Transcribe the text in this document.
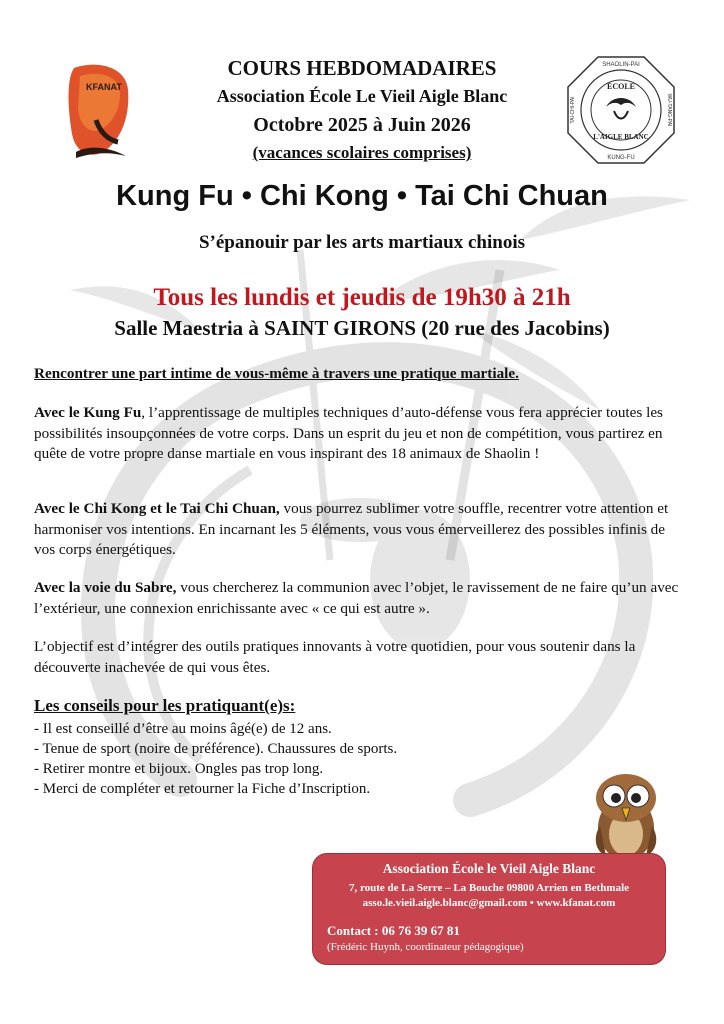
KFANAT
SHAOLIN-PAI
KUNG-FU
TAI-CHI-PAI	WU-TANG-PAI
ÉCOLE
L'AIGLE BLANC

COURS HEBDOMADAIRES

Association École Le Vieil Aigle Blanc

Octobre 2025 à Juin 2026

(vacances scolaires comprises)

Kung Fu • Chi Kong • Tai Chi Chuan

S’épanouir par les arts martiaux chinois

Tous les lundis et jeudis de 19h30 à 21h

Salle Maestria à SAINT GIRONS (20 rue des Jacobins)

Rencontrer une part intime de vous-même à travers une pratique martiale.

Avec le Kung Fu, l’apprentissage de multiples techniques d’auto-défense vous fera apprécier toutes les possibilités insoupçonnées de votre corps. Dans un esprit du jeu et non de compétition, vous partirez en quête de votre propre danse martiale en vous inspirant des 18 animaux de Shaolin !

Avec le Chi Kong et le Tai Chi Chuan, vous pourrez sublimer votre souffle, recentrer votre attention et harmoniser vos intentions. En incarnant les 5 éléments, vous vous émerveillerez des possibles infinis de vos corps énergétiques.

Avec la voie du Sabre, vous chercherez la communion avec l’objet, le ravissement de ne faire qu’un avec l’extérieur, une connexion enrichissante avec « ce qui est autre ».

L’objectif est d’intégrer des outils pratiques innovants à votre quotidien, pour vous soutenir dans la découverte inachevée de qui vous êtes.

Les conseils pour les pratiquant(e)s:

- Il est conseillé d’être au moins âgé(e) de 12 ans.
- Tenue de sport (noire de préférence). Chaussures de sports.
- Retirer montre et bijoux. Ongles pas trop long.
- Merci de compléter et retourner la Fiche d’Inscription.

Association École le Vieil Aigle Blanc

7, route de La Serre – La Bouche 09800 Arrien en Bethmale

asso.le.vieil.aigle.blanc@gmail.com • www.kfanat.com

Contact : 06 76 39 67 81

(Frédéric Huynh, coordinateur pédagogique)
